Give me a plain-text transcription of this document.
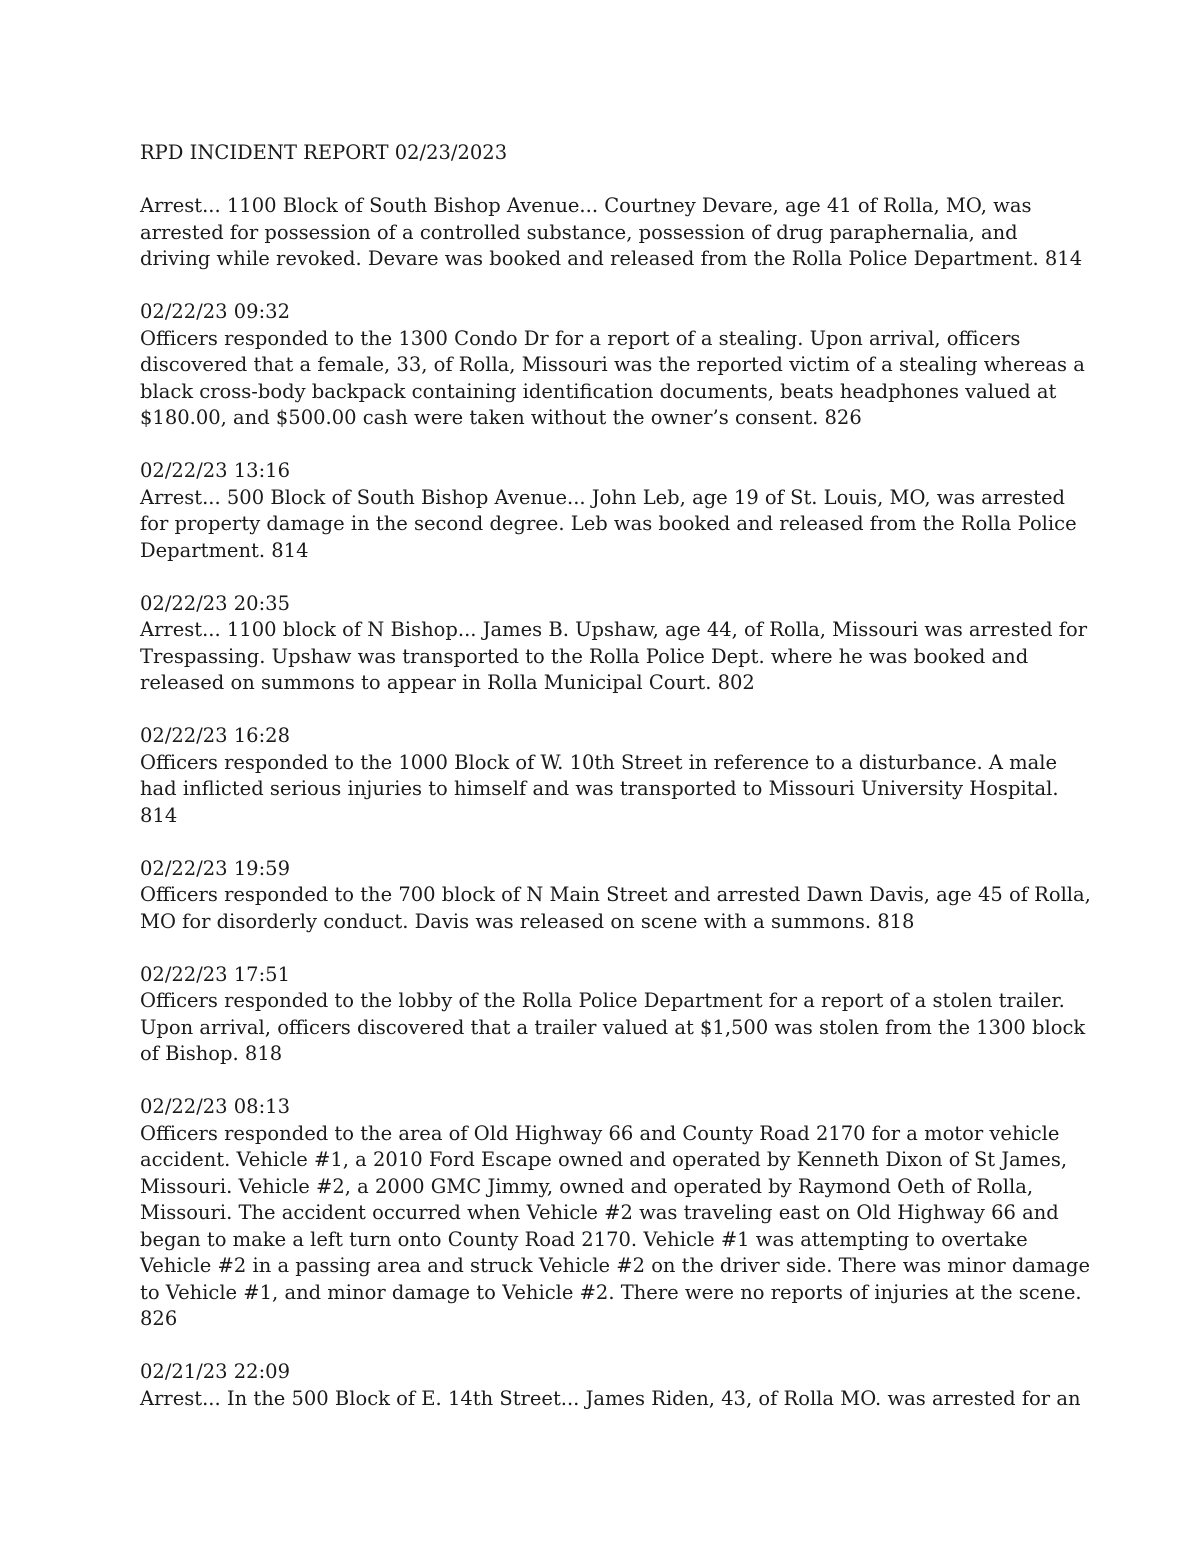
RPD INCIDENT REPORT 02/23/2023
Arrest... 1100 Block of South Bishop Avenue... Courtney Devare, age 41 of Rolla, MO, was
arrested for possession of a controlled substance, possession of drug paraphernalia, and
driving while revoked. Devare was booked and released from the Rolla Police Department. 814
02/22/23 09:32
Officers responded to the 1300 Condo Dr for a report of a stealing. Upon arrival, officers
discovered that a female, 33, of Rolla, Missouri was the reported victim of a stealing whereas a
black cross-body backpack containing identification documents, beats headphones valued at
$180.00, and $500.00 cash were taken without the owner’s consent. 826
02/22/23 13:16
Arrest... 500 Block of South Bishop Avenue... John Leb, age 19 of St. Louis, MO, was arrested
for property damage in the second degree. Leb was booked and released from the Rolla Police
Department. 814
02/22/23 20:35
Arrest... 1100 block of N Bishop... James B. Upshaw, age 44, of Rolla, Missouri was arrested for
Trespassing. Upshaw was transported to the Rolla Police Dept. where he was booked and
released on summons to appear in Rolla Municipal Court. 802
02/22/23 16:28
Officers responded to the 1000 Block of W. 10th Street in reference to a disturbance. A male
had inflicted serious injuries to himself and was transported to Missouri University Hospital.
814
02/22/23 19:59
Officers responded to the 700 block of N Main Street and arrested Dawn Davis, age 45 of Rolla,
MO for disorderly conduct. Davis was released on scene with a summons. 818
02/22/23 17:51
Officers responded to the lobby of the Rolla Police Department for a report of a stolen trailer.
Upon arrival, officers discovered that a trailer valued at $1,500 was stolen from the 1300 block
of Bishop. 818
02/22/23 08:13
Officers responded to the area of Old Highway 66 and County Road 2170 for a motor vehicle
accident. Vehicle #1, a 2010 Ford Escape owned and operated by Kenneth Dixon of St James,
Missouri. Vehicle #2, a 2000 GMC Jimmy, owned and operated by Raymond Oeth of Rolla,
Missouri. The accident occurred when Vehicle #2 was traveling east on Old Highway 66 and
began to make a left turn onto County Road 2170. Vehicle #1 was attempting to overtake
Vehicle #2 in a passing area and struck Vehicle #2 on the driver side. There was minor damage
to Vehicle #1, and minor damage to Vehicle #2. There were no reports of injuries at the scene.
826
02/21/23 22:09
Arrest... In the 500 Block of E. 14th Street... James Riden, 43, of Rolla MO. was arrested for an
